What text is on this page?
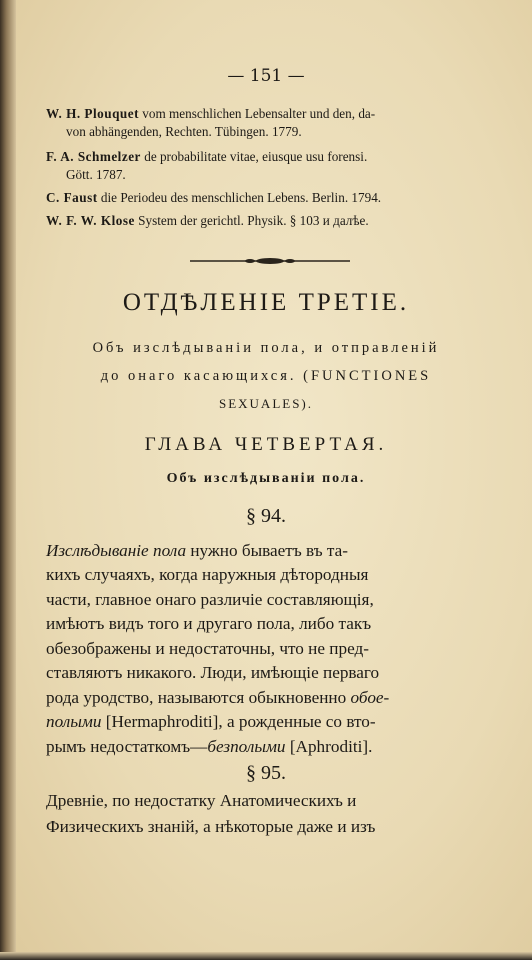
— 151 —
W. H. Plouquet vom menschlichen Lebensalter und den, da-
von abhängenden, Rechten. Tübingen. 1779.
F. A. Schmelzer de probabilitate vitae, eiusque usu forensi.
Gött. 1787.
C. Faust die Periodeu des menschlichen Lebens. Berlin. 1794.
W. F. W. Klose System der gerichtl. Physik. § 103 и далѣе.
ОТДѢЛЕНІЕ ТРЕТІЕ.
Объ изслѣдываніи пола, и отправленій
до онаго касающихся. (FUNCTIONES
SEXUALES).
ГЛАВА ЧЕТВЕРТАЯ.
Объ изслѣдываніи пола.
§ 94.
Изслѣдываніе пола нужно бываетъ въ та-
кихъ случаяхъ, когда наружныя дѣтородныя
части, главное онаго различіе составляющія,
имѣютъ видъ того и другаго пола, либо такъ
обезображены и недостаточны, что не пред-
ставляютъ никакого. Люди, имѣющіе перваго
рода уродство, называются обыкновенно обое-
полыми [Hermaphroditi], а рожденные со вто-
рымъ недостаткомъ—безполыми [Aphroditi].
§ 95.
Древніе, по недостатку Анатомическихъ и
Физическихъ знаній, а нѣкоторые даже и изъ
